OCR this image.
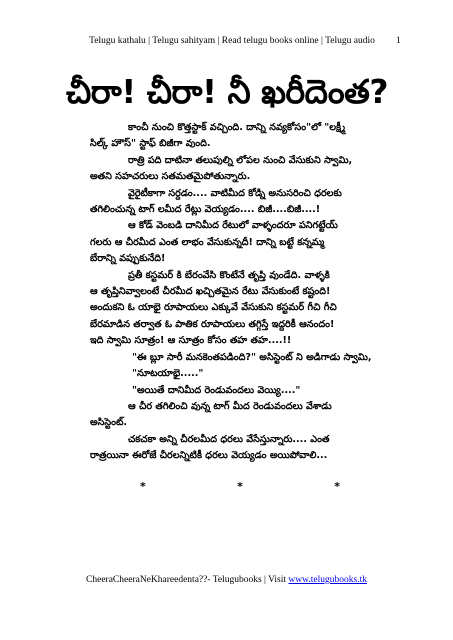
Telugu kathalu | Telugu sahityam | Read telugu books online | Telugu audio	1
చీరా! చీరా! నీ ఖరీదెంత?

కాంచీ నుంచి కొత్తస్టాక్ వచ్చింది. దాన్ని నవ్యకోసం"లో "లక్ష్మీ

సిల్క్ హౌస్" స్టాఫ్ బిజీగా వుంది.

రాత్రి పది దాటినా తలుపుల్ని లోపల నుంచి వేసుకుని స్వామి,

అతని సహచరులు సతమతమైపోతున్నారు.

వైరైటీకాగా సర్దడం.... వాటిమీద కోడ్ని అనుసరించి ధరలకు

తగిలించున్న టాగ్ లమీద రేట్లు వెయ్యడం.... బిజీ....బిజీ....!

ఆ కోడ్ వెంబడి దానిమీద రేటులో వాళ్ళందరూ పనిగట్టేయ్

గలరు ఆ చీరమీద ఎంత లాభం వేసుకున్నదీ! దాన్ని బట్టే కన్నమ్మ

బేరాన్ని వప్పుకునేది!

ప్రతీ కస్టమర్ కి బేరంవేసి కొంటేనే తృప్తి వుండేది. వాళ్ళకి

ఆ తృప్తినివ్వాలంటే చీరమీద ఖచ్చితమైన రేటు వేసుకుంటే కష్టంది!

అందుకని ఓ యాభై రూపాయలు ఎక్కువే వేసుకుని కస్టమర్ గీచి గీచి

బేరమాడిన తర్వాత ఓ పాతిక రూపాయలు తగ్గిస్తే ఇద్దరికీ ఆనందం!

ఇది స్వామి సూత్రం! ఆ సూత్రం కోసం తహ తహ....!!

"ఈ బ్లూ సారీ మనకెంతపడింది?" అసిస్టెంట్ ని అడిగాడు స్వామి,

"నూటయాభై....."

"అయితే దానిమీద రెండువందలు వెయ్యి...."

ఆ చీర తగిలించి వున్న టాగ్ మీద రెండువందలు వేశాడు

అసిస్టెంట్.

చకచకా అన్ని చీరలమీద ధరలు వేసేస్తున్నారు.... ఎంత

రాత్రయినా ఈరోజే చీరలన్నిటికీ ధరలు వెయ్యడం అయిపోవాలి...

*	*	*
CheeraCheeraNeKhareedenta??- Telugubooks | Visit www.telugubooks.tk
